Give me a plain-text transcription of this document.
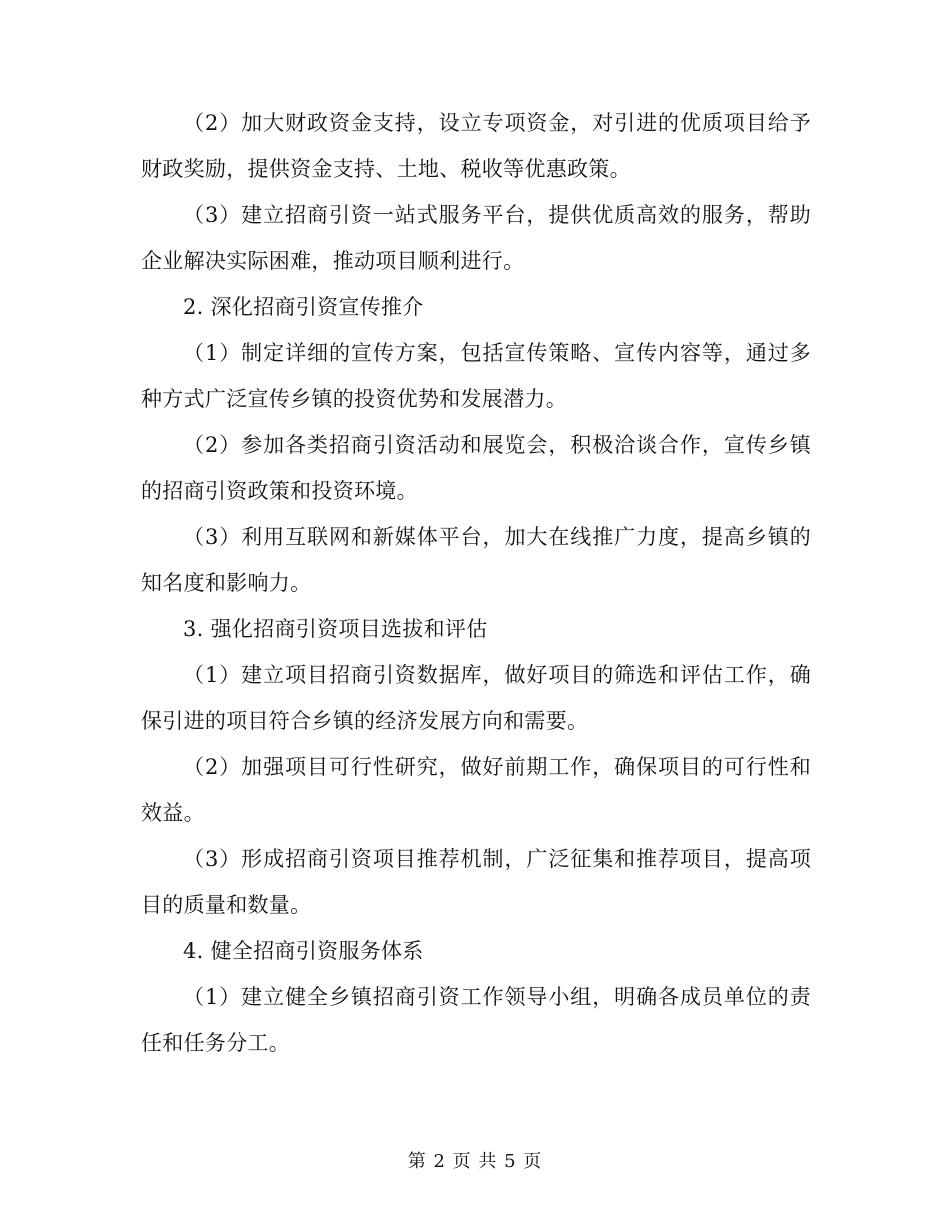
（2）加大财政资金支持，设立专项资金，对引进的优质项目给予财政奖励，提供资金支持、土地、税收等优惠政策。

（3）建立招商引资一站式服务平台，提供优质高效的服务，帮助企业解决实际困难，推动项目顺利进行。

2. 深化招商引资宣传推介

（1）制定详细的宣传方案，包括宣传策略、宣传内容等，通过多种方式广泛宣传乡镇的投资优势和发展潜力。

（2）参加各类招商引资活动和展览会，积极洽谈合作，宣传乡镇的招商引资政策和投资环境。

（3）利用互联网和新媒体平台，加大在线推广力度，提高乡镇的知名度和影响力。

3. 强化招商引资项目选拔和评估

（1）建立项目招商引资数据库，做好项目的筛选和评估工作，确保引进的项目符合乡镇的经济发展方向和需要。

（2）加强项目可行性研究，做好前期工作，确保项目的可行性和效益。

（3）形成招商引资项目推荐机制，广泛征集和推荐项目，提高项目的质量和数量。

4. 健全招商引资服务体系

（1）建立健全乡镇招商引资工作领导小组，明确各成员单位的责任和任务分工。

第 2 页 共 5 页
